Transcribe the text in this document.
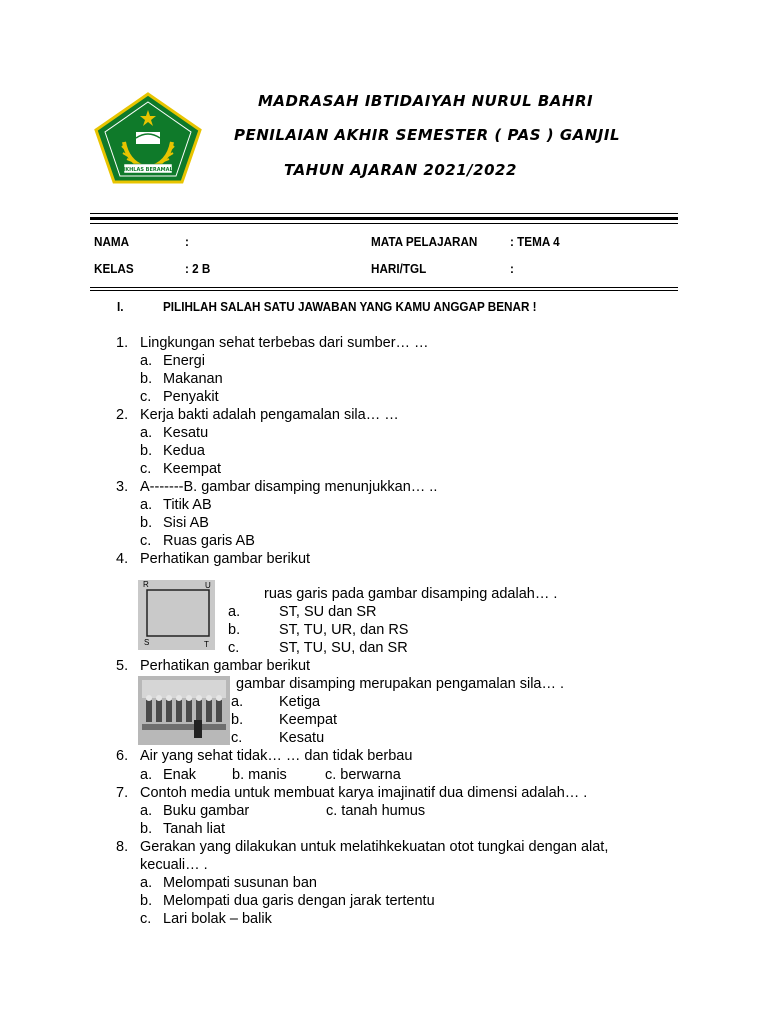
IKHLAS BERAMAL
MADRASAH IBTIDAIYAH NURUL BAHRI
PENILAIAN AKHIR SEMESTER ( PAS ) GANJIL
TAHUN AJARAN 2021/2022
NAMA	:
KELAS	: 2 B
MATA PELAJARAN	: TEMA 4
HARI/TGL	:
I.	PILIHLAH SALAH SATU JAWABAN YANG KAMU ANGGAP BENAR !
1. Lingkungan sehat terbebas dari sumber… …
a. Energi
b. Makanan
c. Penyakit
2. Kerja bakti adalah pengamalan sila… …
a. Kesatu
b. Kedua
c. Keempat
3. A-------B. gambar disamping menunjukkan… ..
a. Titik AB
b. Sisi AB
c. Ruas garis AB
4. Perhatikan gambar berikut
R	U
S	T
ruas garis pada gambar disamping adalah… .
a.	ST, SU dan SR
b.	ST, TU, UR, dan RS
c.	ST, TU, SU, dan SR
5. Perhatikan gambar berikut
gambar disamping merupakan pengamalan sila… .
a. Ketiga
b. Keempat
c.	Kesatu
6. Air yang sehat tidak… … dan tidak berbau
a. Enak b. manis	c. berwarna
7. Contoh media untuk membuat karya imajinatif dua dimensi adalah… .
a. Buku gambar	c. tanah humus
b. Tanah liat
8. Gerakan yang dilakukan untuk melatihkekuatan otot tungkai dengan alat,
kecuali… .
a. Melompati susunan ban
b. Melompati dua garis dengan jarak tertentu
c. Lari bolak – balik
